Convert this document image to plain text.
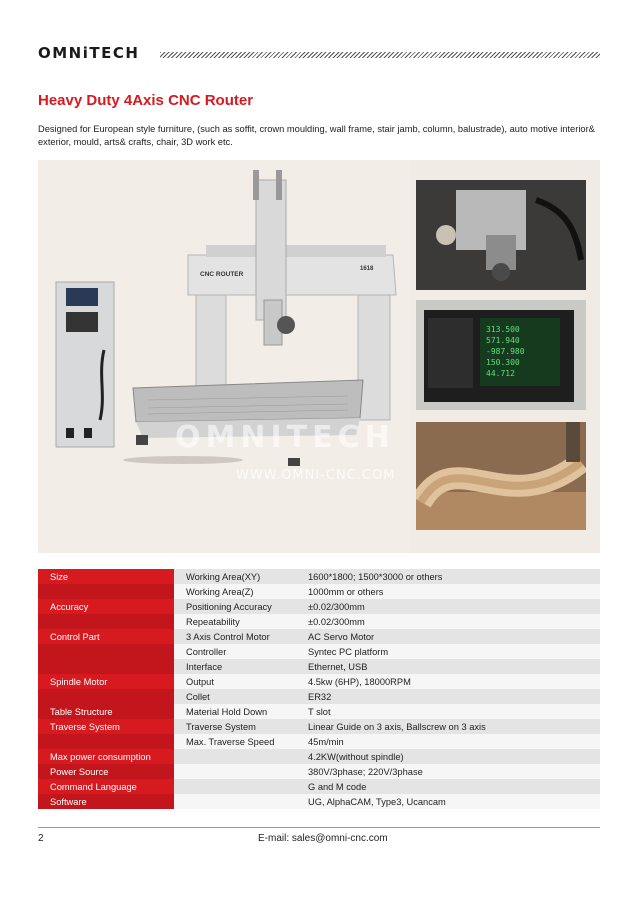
OMNiTECH
Heavy Duty 4Axis CNC Router
Designed for European style furniture, (such as soffit, crown moulding, wall frame, stair jamb, column, balustrade), auto motive interior& exterior, mould, arts& crafts, chair, 3D work etc.
CNC ROUTER
1618
313.500
571.940
-987.980
150.300
44.712
OMNITECH
WWW.OMNI-CNC.COM
Size	Working Area(XY)	1600*1800; 1500*3000 or others
	Working Area(Z)	1000mm or others
Accuracy	Positioning Accuracy	±0.02/300mm
	Repeatability	±0.02/300mm
Control Part	3 Axis Control Motor	AC Servo Motor
	Controller	Syntec PC platform
	Interface	Ethernet, USB
Spindle Motor	Output	4.5kw (6HP), 18000RPM
	Collet	ER32
Table Structure	Material Hold Down	T slot
Traverse System	Traverse System	Linear Guide on 3 axis, Ballscrew on 3 axis
	Max. Traverse Speed	45m/min
Max power consumption		4.2KW(without spindle)
Power Source		380V/3phase; 220V/3phase
Command Language		G and M code
Software		UG, AlphaCAM, Type3, Ucancam
2	E-mail: sales@omni-cnc.com
